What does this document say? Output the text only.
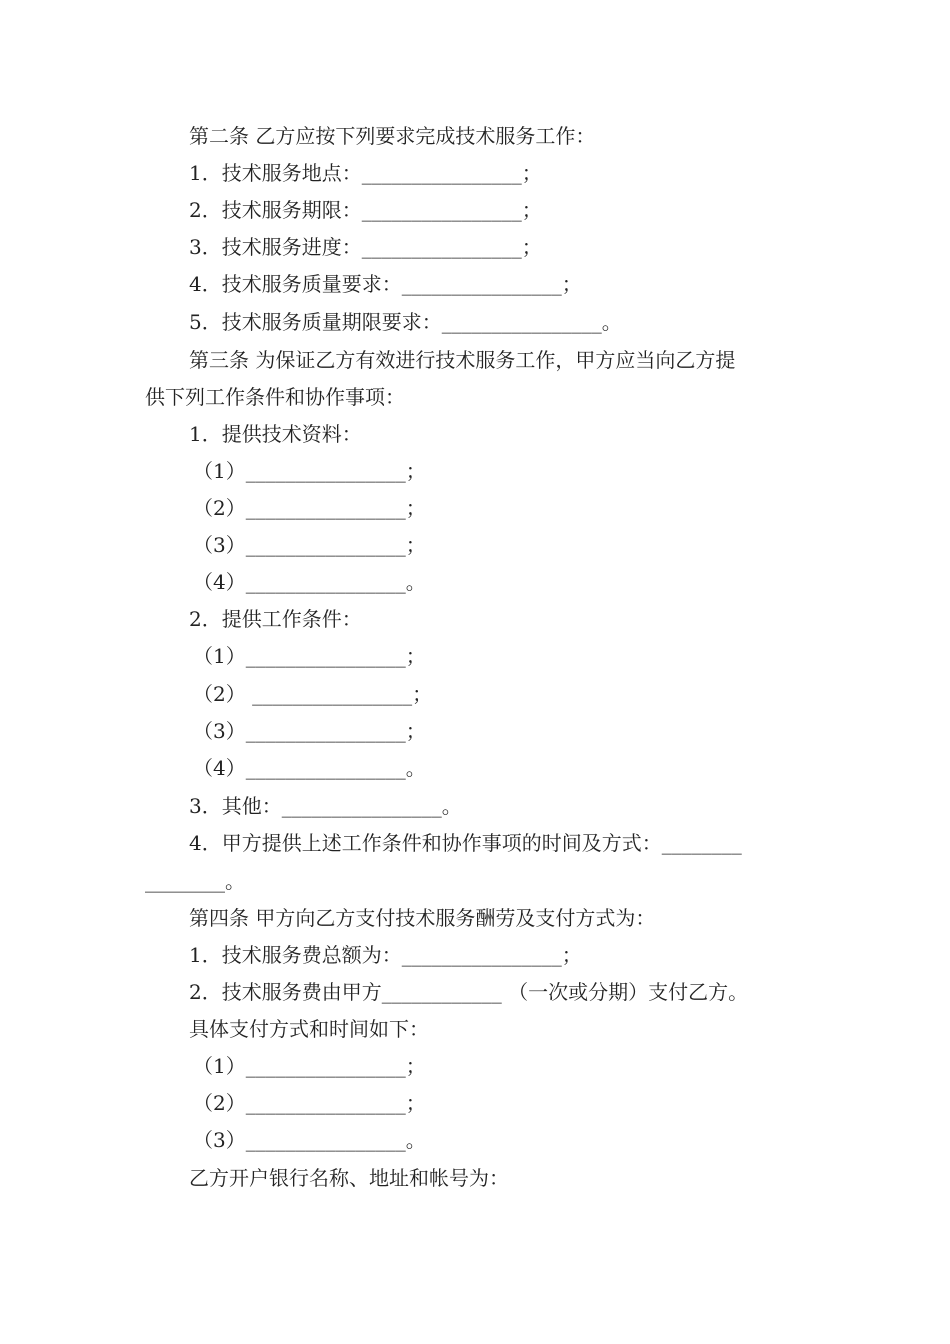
第二条 乙方应按下列要求完成技术服务工作：
1．技术服务地点：________________；
2．技术服务期限：________________；
3．技术服务进度：________________；
4．技术服务质量要求：________________；
5．技术服务质量期限要求：________________。
第三条 为保证乙方有效进行技术服务工作，甲方应当向乙方提
供下列工作条件和协作事项：
1．提供技术资料：
（1）________________；
（2）________________；
（3）________________；
（4）________________。
2．提供工作条件：
（1）________________；
（2） ________________；
（3）________________；
（4）________________。
3．其他：________________。
4．甲方提供上述工作条件和协作事项的时间及方式：________
________。
第四条 甲方向乙方支付技术服务酬劳及支付方式为：
1．技术服务费总额为：________________；
2．技术服务费由甲方____________ （一次或分期）支付乙方。
具体支付方式和时间如下：
（1）________________；
（2）________________；
（3）________________。
乙方开户银行名称、地址和帐号为：
